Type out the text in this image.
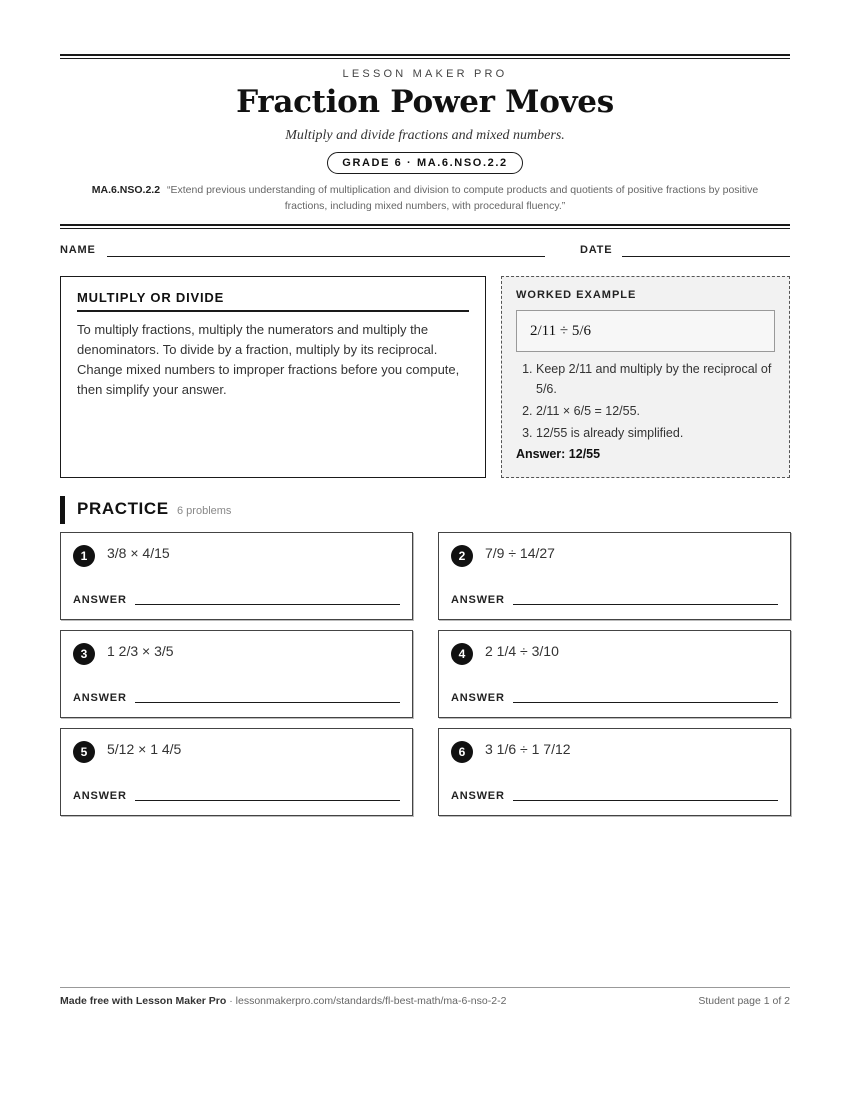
LESSON MAKER PRO
Fraction Power Moves
Multiply and divide fractions and mixed numbers.
GRADE 6 · MA.6.NSO.2.2
MA.6.NSO.2.2 “Extend previous understanding of multiplication and division to compute products and quotients of positive fractions by positive fractions, including mixed numbers, with procedural fluency.”
NAME	DATE
MULTIPLY OR DIVIDE
To multiply fractions, multiply the numerators and multiply the denominators. To divide by a fraction, multiply by its reciprocal. Change mixed numbers to improper fractions before you compute, then simplify your answer.
WORKED EXAMPLE
2/11 ÷ 5/6
1. Keep 2/11 and multiply by the reciprocal of 5/6.
2. 2/11 × 6/5 = 12/55.
3. 12/55 is already simplified.
Answer: 12/55
PRACTICE 6 problems
1	3/8 × 4/15
ANSWER
2	7/9 ÷ 14/27
ANSWER
3	1 2/3 × 3/5
ANSWER
4	2 1/4 ÷ 3/10
ANSWER
5	5/12 × 1 4/5
ANSWER
6	3 1/6 ÷ 1 7/12
ANSWER
Made free with Lesson Maker Pro · lessonmakerpro.com/standards/fl-best-math/ma-6-nso-2-2	Student page 1 of 2
